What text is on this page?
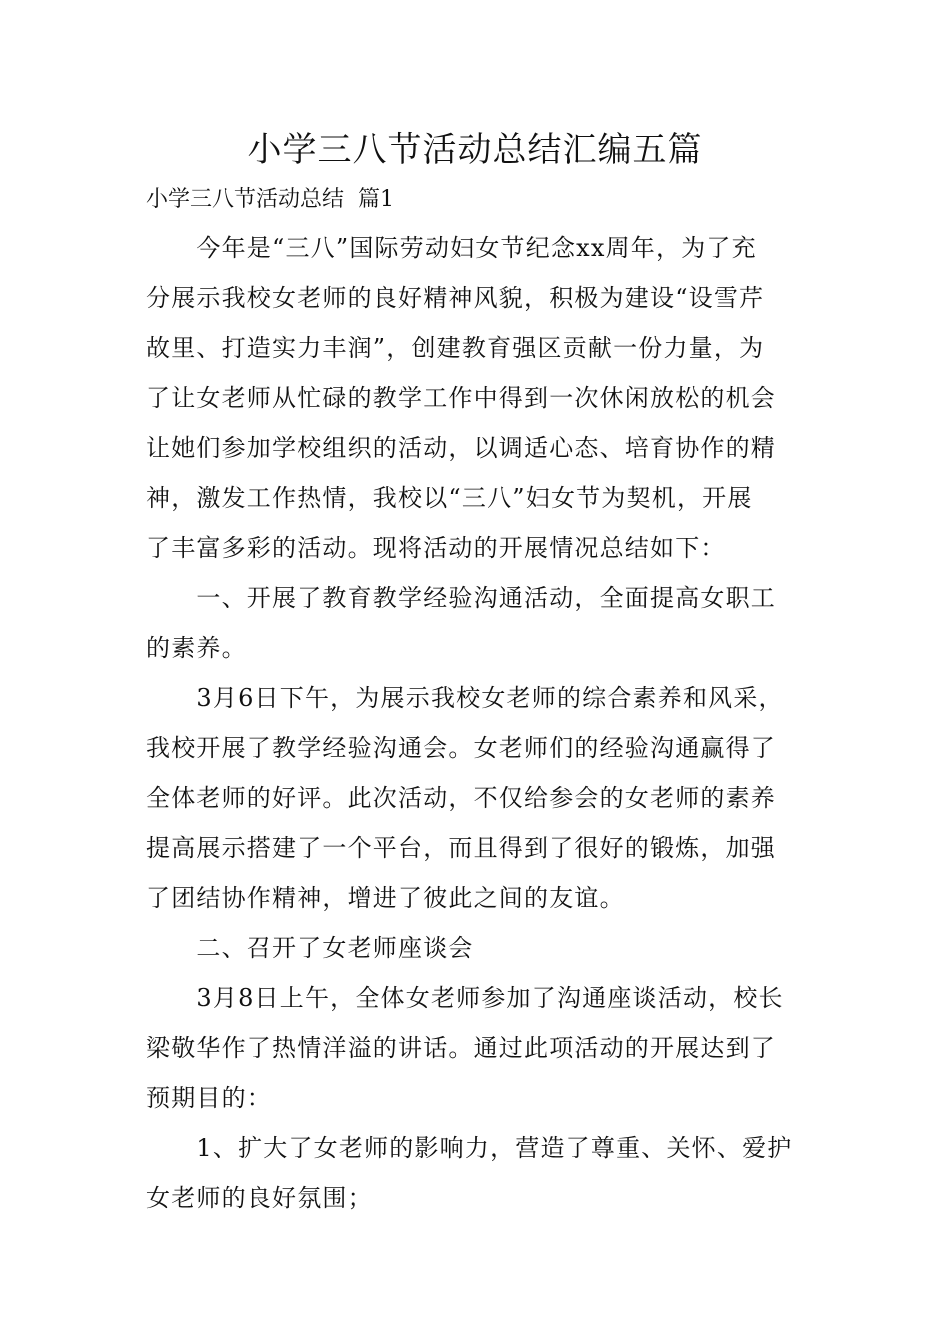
小学三八节活动总结汇编五篇

小学三八节活动总结  篇1

　　今年是“三八”国际劳动妇女节纪念xx周年，为了充

分展示我校女老师的良好精神风貌，积极为建设“设雪芹

故里、打造实力丰润”，创建教育强区贡献一份力量，为

了让女老师从忙碌的教学工作中得到一次休闲放松的机会

让她们参加学校组织的活动，以调适心态、培育协作的精

神，激发工作热情，我校以“三八”妇女节为契机，开展

了丰富多彩的活动。现将活动的开展情况总结如下：

　　一、开展了教育教学经验沟通活动，全面提高女职工

的素养。

　　3月6日下午，为展示我校女老师的综合素养和风采，

我校开展了教学经验沟通会。女老师们的经验沟通赢得了

全体老师的好评。此次活动，不仅给参会的女老师的素养

提高展示搭建了一个平台，而且得到了很好的锻炼，加强

了团结协作精神，增进了彼此之间的友谊。

　　二、召开了女老师座谈会

　　3月8日上午，全体女老师参加了沟通座谈活动，校长

梁敬华作了热情洋溢的讲话。通过此项活动的开展达到了

预期目的：

　　1、扩大了女老师的影响力，营造了尊重、关怀、爱护

女老师的良好氛围；
